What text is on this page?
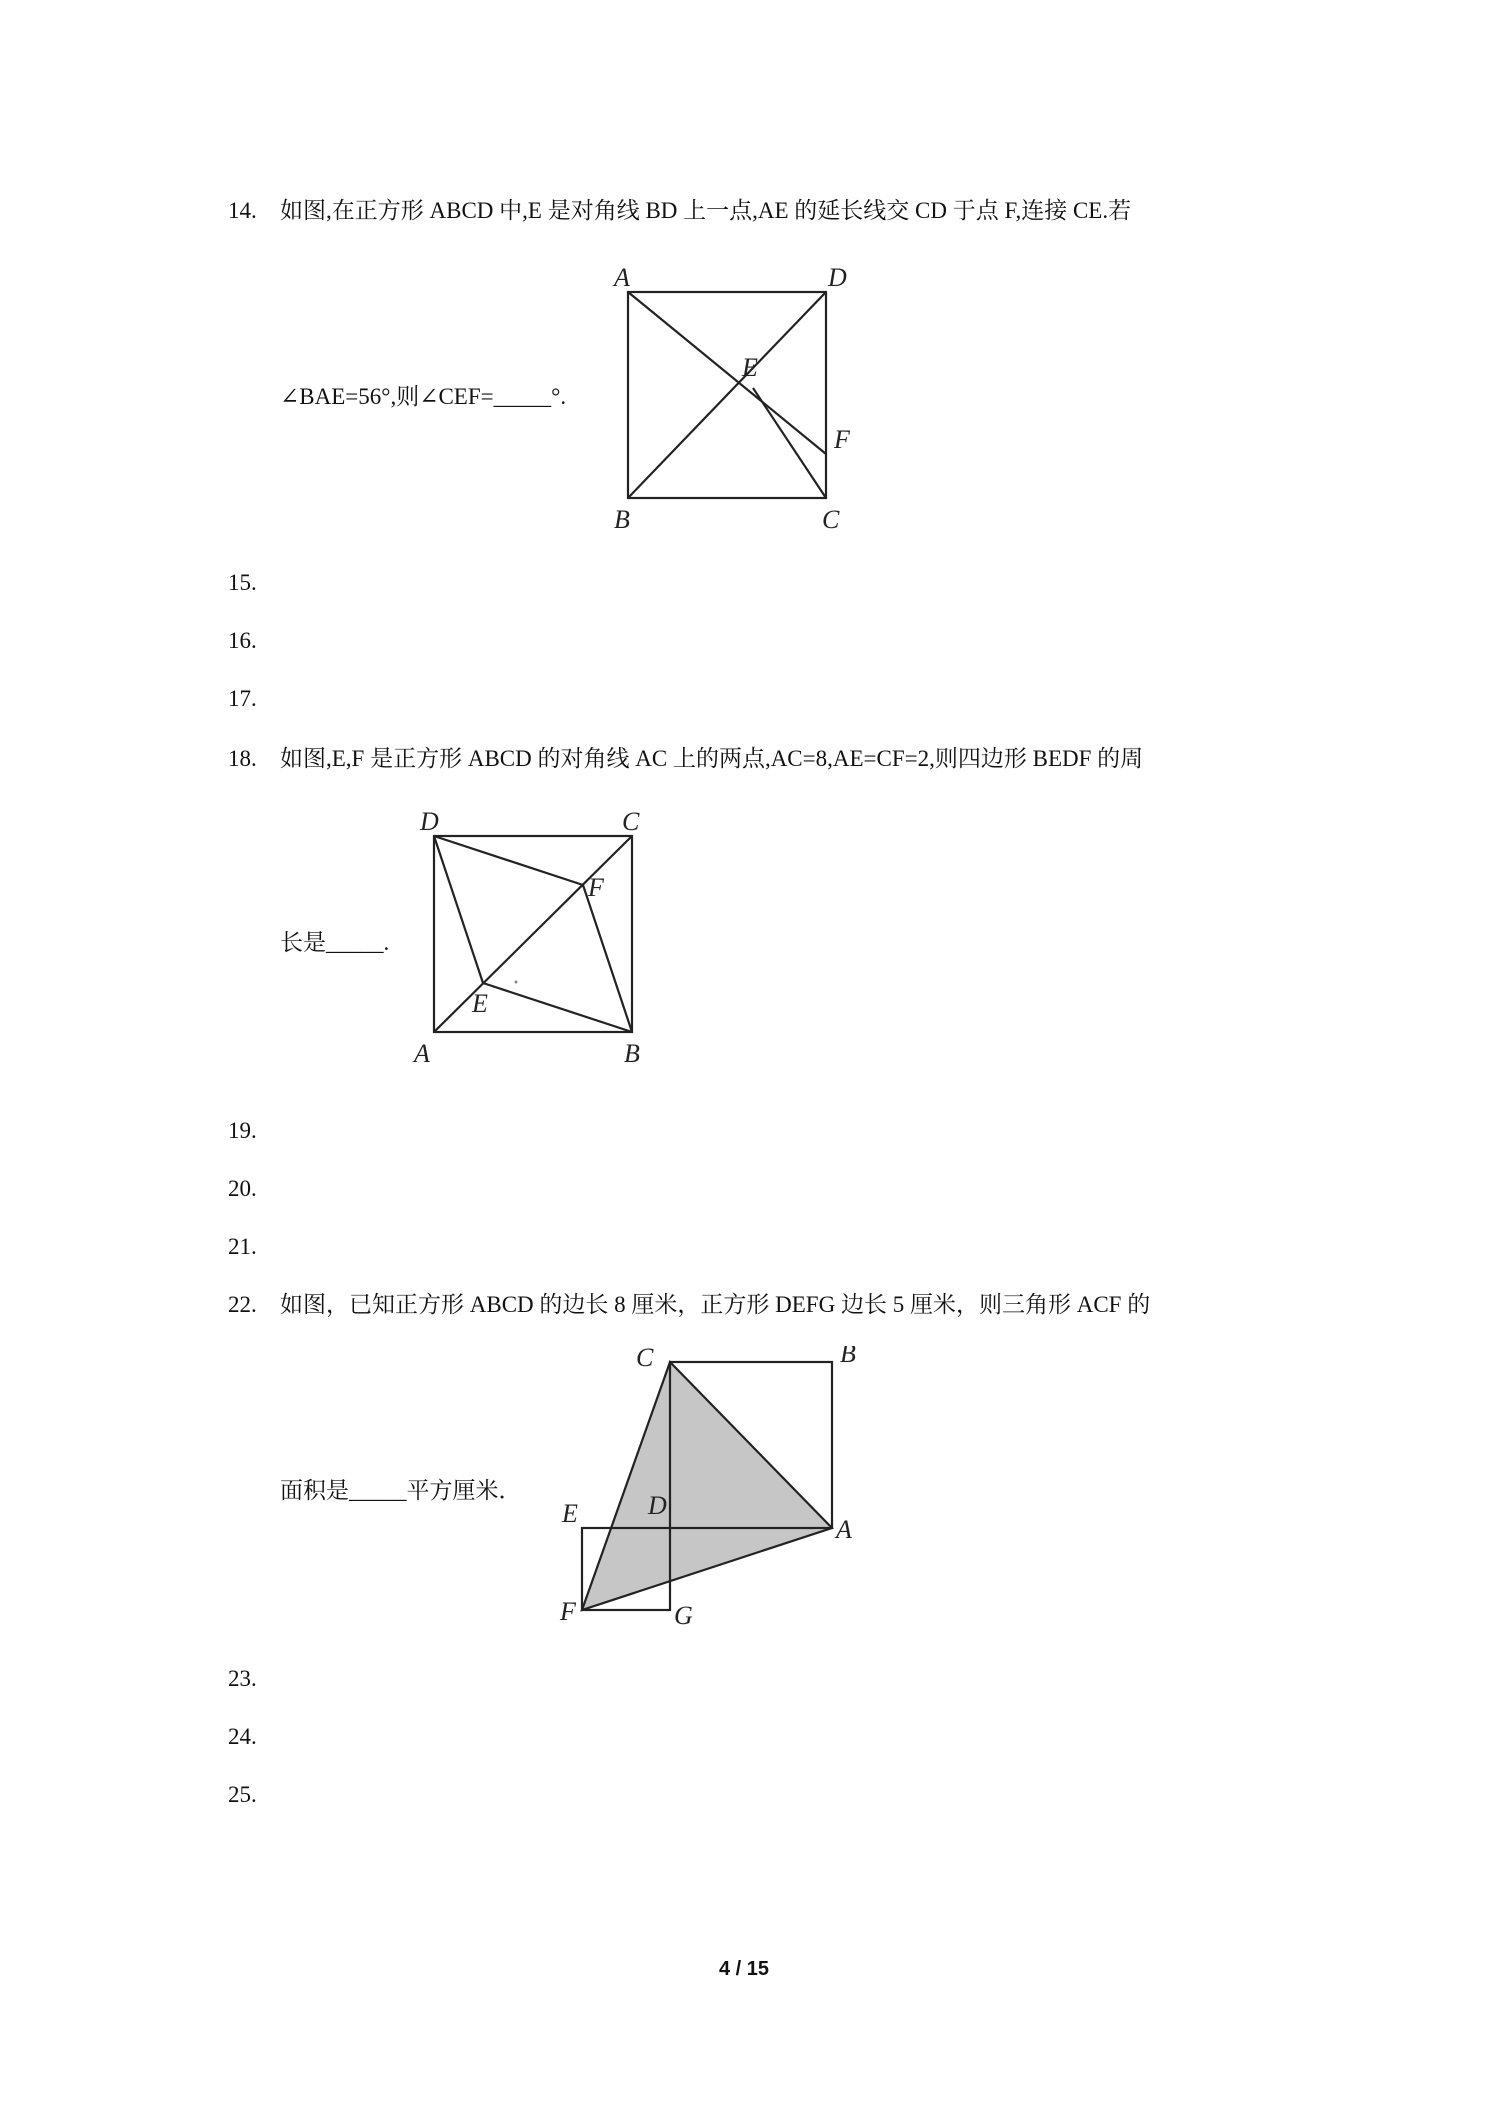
14. 如图,在正方形 ABCD 中,E 是对角线 BD 上一点,AE 的延长线交 CD 于点 F,连接 CE.若
∠BAE=56°,则∠CEF=_____°.
A	D
E
F
B	C
15.
16.
17.
18. 如图,E,F 是正方形 ABCD 的对角线 AC 上的两点,AC=8,AE=CF=2,则四边形 BEDF 的周
长是_____.
D	C
F
E
A	B
19.
20.
21.
22. 如图，已知正方形 ABCD 的边长 8 厘米，正方形 DEFG 边长 5 厘米，则三角形 ACF 的
面积是_____平方厘米．
C	B
D
E
A
F	G
23.
24.
25.
4 / 15
